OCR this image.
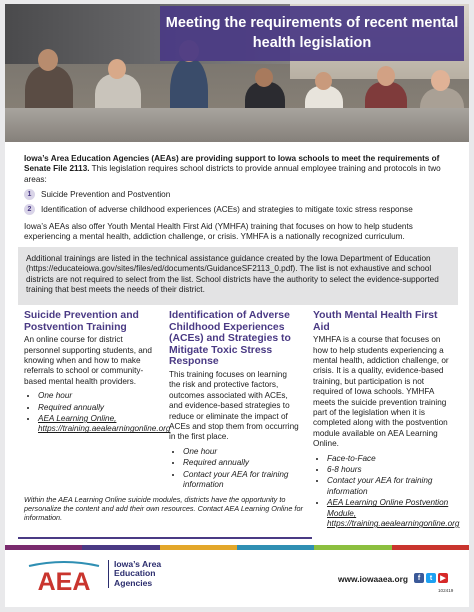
Meeting the requirements of recent mental health legislation
Iowa’s Area Education Agencies (AEAs) are providing support to Iowa schools to meet the requirements of Senate File 2113. This legislation requires school districts to provide annual employee training and protocols in two areas:
1	Suicide Prevention and Postvention
2	Identification of adverse childhood experiences (ACEs) and strategies to mitigate toxic stress response
Iowa’s AEAs also offer Youth Mental Health First Aid (YMHFA) training that focuses on how to help students experiencing a mental health, addiction challenge, or crisis. YMHFA is a nationally recognized curriculum.
Additional trainings are listed in the technical assistance guidance created by the Iowa Department of Education (https://educateiowa.gov/sites/files/ed/documents/GuidanceSF2113_0.pdf). The list is not exhaustive and school districts are not required to select from the list. School districts have the authority to select the evidence-supported training that best meets the needs of their district.
Suicide Prevention and Postvention Training
An online course for district personnel supporting students, and knowing when and how to make referrals to school or community-based mental health providers.
• One hour
• Required annually
• AEA Learning Online, https://training.aealearningonline.org
Identification of Adverse Childhood Experiences (ACEs) and Strategies to Mitigate Toxic Stress Response
This training focuses on learning the risk and protective factors, outcomes associated with ACEs, and evidence-based strategies to reduce or eliminate the impact of ACEs and stop them from occurring in the first place.
• One hour
• Required annually
• Contact your AEA for training information
Youth Mental Health First Aid
YMHFA is a course that focuses on how to help students experiencing a mental health, addiction challenge, or crisis. It is a quality, evidence-based training, but participation is not required of Iowa schools. YMHFA meets the suicide prevention training part of the legislation when it is completed along with the postvention module available on AEA Learning Online.
• Face-to-Face
• 6-8 hours
• Contact your AEA for training information
• AEA Learning Online Postvention Module, https://training.aealearningonline.org
Within the AEA Learning Online suicide modules, districts have the opportunity to personalize the content and add their own resources. Contact AEA Learning Online for information.
AEA
Iowa’s Area
Education
Agencies	www.iowaaea.org	f	t	▶
102419
